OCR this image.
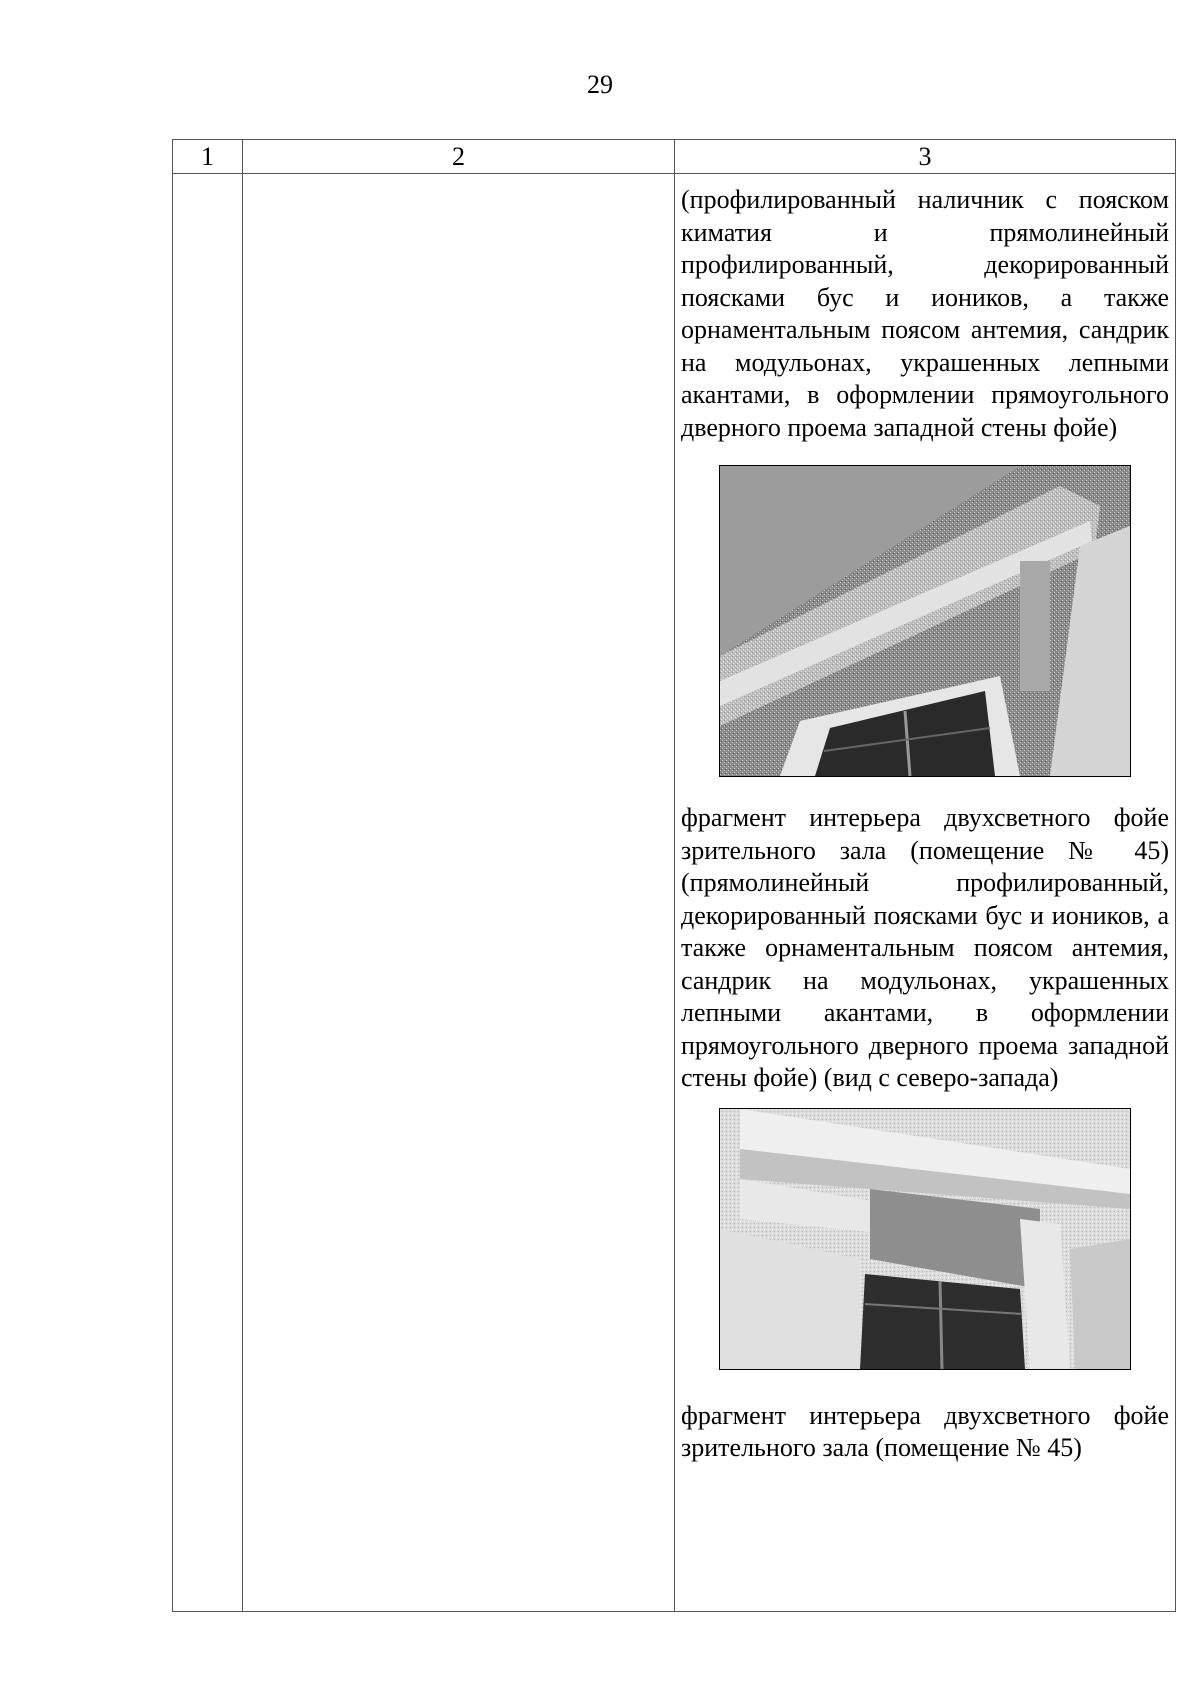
29
1	2	3

		(профилированный наличник с пояском киматия и прямолинейный профилированный, декорированный поясками бус и иоников, а также орнаментальным поясом антемия, сандрик на модульонах, украшенных лепными акантами, в оформлении прямоугольного дверного проема западной стены фойе)

фрагмент интерьера двухсветного фойе зрительного зала (помещение № 45) (прямолинейный профилированный, декорированный поясками бус и иоников, а также орнаментальным поясом антемия, сандрик на модульонах, украшенных лепными акантами, в оформлении прямоугольного дверного проема западной стены фойе) (вид с северо-запада)

фрагмент интерьера двухсветного фойе зрительного зала (помещение № 45)
